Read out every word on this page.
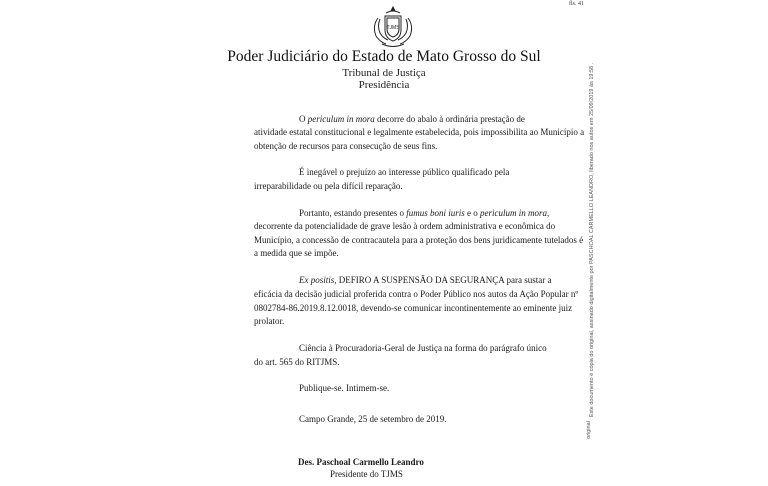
fls. 41
TJMS
Poder Judiciário do Estado de Mato Grosso do Sul
Tribunal de Justiça
Presidência
O periculum in mora decorre do abalo à ordinária prestação de
atividade estatal constitucional e legalmente estabelecida, pois impossibilita ao Município a
obtenção de recursos para consecução de seus fins.
É inegável o prejuízo ao interesse público qualificado pela
irreparabilidade ou pela difícil reparação.
Portanto, estando presentes o fumus boni iuris e o periculum in mora,
decorrente da potencialidade de grave lesão à ordem administrativa e econômica do
Município, a concessão de contracautela para a proteção dos bens juridicamente tutelados é
a medida que se impõe.
Ex positis, DEFIRO A SUSPENSÃO DA SEGURANÇA para sustar a
eficácia da decisão judicial proferida contra o Poder Público nos autos da Ação Popular nº
0802784-86.2019.8.12.0018, devendo-se comunicar incontinentemente ao eminente juiz
prolator.
Ciência à Procuradoria-Geral de Justiça na forma do parágrafo único
do art. 565 do RITJMS.
Publique-se. Intimem-se.
Campo Grande, 25 de setembro de 2019.
Des. Paschoal Carmello Leandro
Presidente do TJMS
Este documento é cópia do original, assinado digitalmente por PASCHOAL CARMELLO LEANDRO, liberado nos autos em 25/09/2019 às 19:58 .
original
